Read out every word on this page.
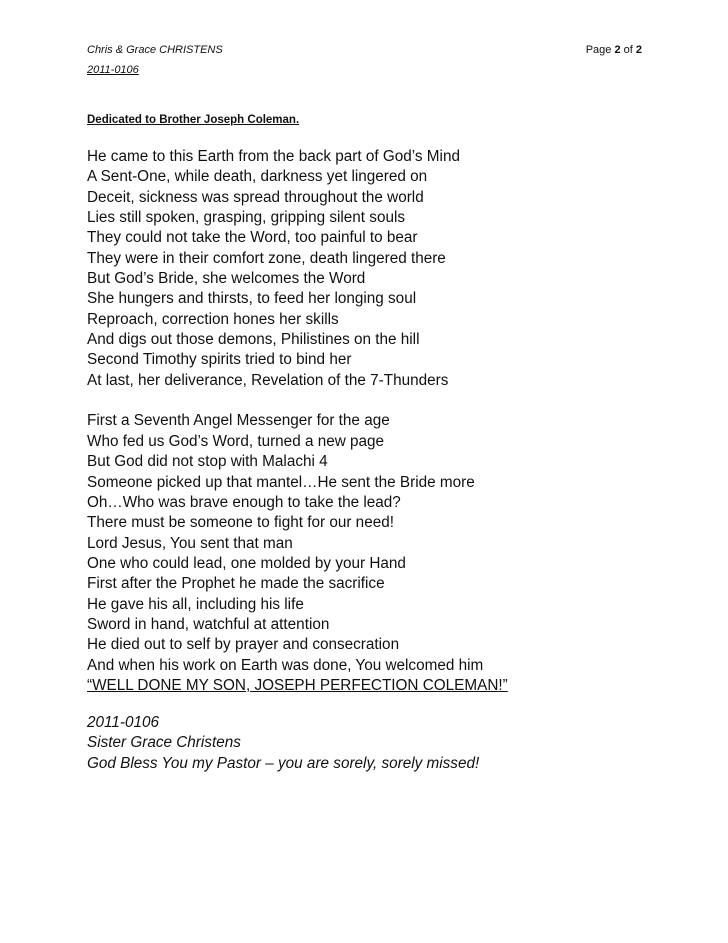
Chris & Grace CHRISTENS
2011-0106
Page 2 of 2
Dedicated to Brother Joseph Coleman.
He came to this Earth from the back part of God’s Mind
A Sent-One, while death, darkness yet lingered on
Deceit, sickness was spread throughout the world
Lies still spoken, grasping, gripping silent souls
They could not take the Word, too painful to bear
They were in their comfort zone, death lingered there
But God’s Bride, she welcomes the Word
She hungers and thirsts, to feed her longing soul
Reproach, correction hones her skills
And digs out those demons, Philistines on the hill
Second Timothy spirits tried to bind her
At last, her deliverance, Revelation of the 7-Thunders
First a Seventh Angel Messenger for the age
Who fed us God’s Word, turned a new page
But God did not stop with Malachi 4
Someone picked up that mantel…He sent the Bride more
Oh…Who was brave enough to take the lead?
There must be someone to fight for our need!
Lord Jesus, You sent that man
One who could lead, one molded by your Hand
First after the Prophet he made the sacrifice
He gave his all, including his life
Sword in hand, watchful at attention
He died out to self by prayer and consecration
And when his work on Earth was done, You welcomed him
“WELL DONE MY SON, JOSEPH PERFECTION COLEMAN!”
2011-0106
Sister Grace Christens
God Bless You my Pastor – you are sorely, sorely missed!
